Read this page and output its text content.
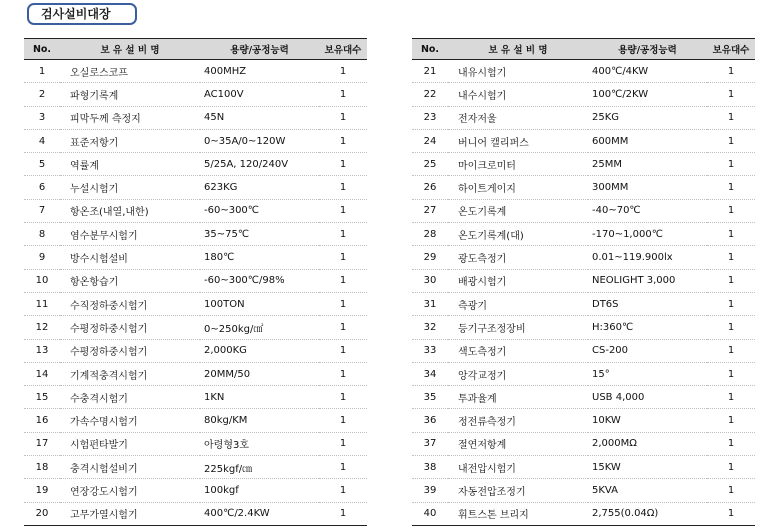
검사설비대장
No.	보 유 설 비 명	용량/공정능력	보유대수
1	오실로스코프	400MHZ	1
2	파형기록계	AC100V	1
3	피막두께 측정지	45N	1
4	표준저항기	0~35A/0~120W	1
5	역률계	5/25A, 120/240V	1
6	누설시험기	623KG	1
7	항온조(내열,내한)	-60~300℃	1
8	염수분무시험기	35~75℃	1
9	방수시험설비	180℃	1
10	항온항습기	-60~300℃/98%	1
11	수직정하중시험기	100TON	1
12	수평정하중시험기	0~250kg/㎠	1
13	수평정하중시험기	2,000KG	1
14	기계적충격시험기	20MM/50	1
15	수충격시험기	1KN	1
16	가속수명시험기	80kg/KM	1
17	시험펀타발기	아령형3호	1
18	충격시험설비기	225kgf/㎝	1
19	연장강도시험기	100kgf	1
20	고무가열시험기	400℃/2.4KW	1
No.	보 유 설 비 명	용량/공정능력	보유대수
21	내유시험기	400℃/4KW	1
22	내수시험기	100℃/2KW	1
23	전자저울	25KG	1
24	버니어 캘리퍼스	600MM	1
25	마이크로미터	25MM	1
26	하이트게이지	300MM	1
27	온도기록계	-40~70℃	1
28	온도기록계(대)	-170~1,000℃	1
29	광도측정기	0.01~119.900lx	1
30	배광시험기	NEOLIGHT 3,000	1
31	측광기	DT6S	1
32	등기구조정장비	H:360℃	1
33	색도측정기	CS-200	1
34	앙각교정기	15°	1
35	투과율계	USB 4,000	1
36	정전류측정기	10KW	1
37	절연저항계	2,000MΩ	1
38	내전압시험기	15KW	1
39	자동전압조정기	5KVA	1
40	휘트스톤 브리지	2,755(0.04Ω)	1
